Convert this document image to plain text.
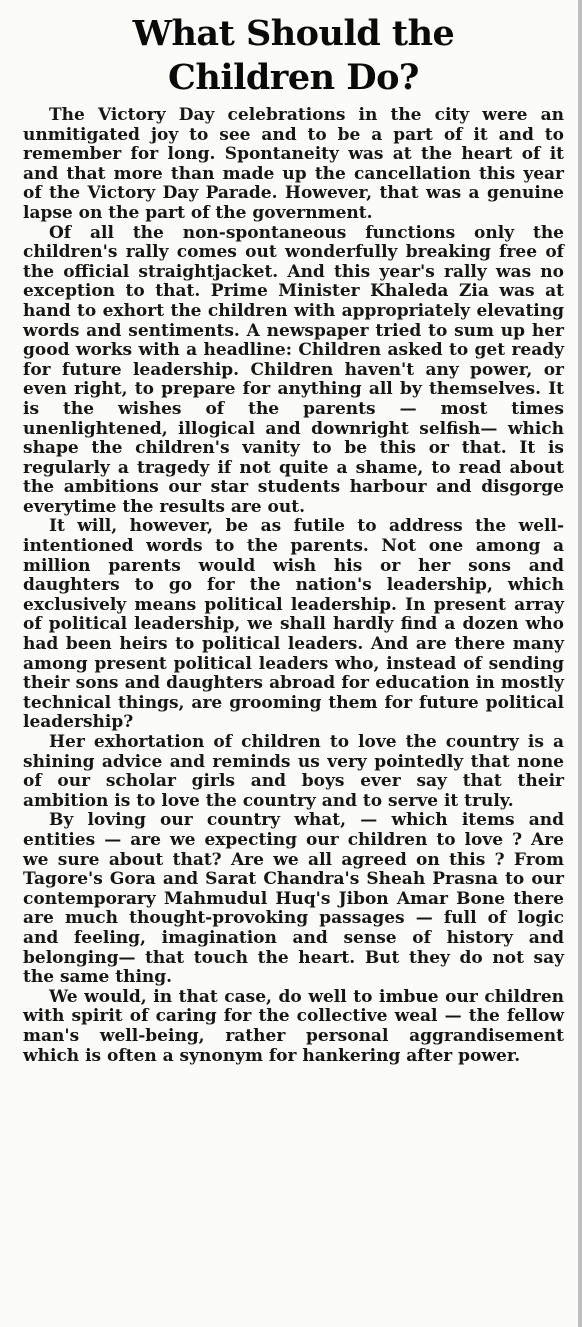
What Should the
Children Do?

The Victory Day celebrations in the city were an unmitigated joy to see and to be a part of it and to remember for long. Spontaneity was at the heart of it and that more than made up the cancellation this year of the Victory Day Parade. However, that was a genuine lapse on the part of the government.

Of all the non-spontaneous functions only the children's rally comes out wonderfully breaking free of the official straightjacket. And this year's rally was no exception to that. Prime Minister Khaleda Zia was at hand to exhort the children with appropriately elevating words and sentiments. A newspaper tried to sum up her good works with a headline: Children asked to get ready for future leadership. Children haven't any power, or even right, to prepare for anything all by themselves. It is the wishes of the parents — most times unenlightened, illogical and downright selfish— which shape the children's vanity to be this or that. It is regularly a tragedy if not quite a shame, to read about the ambitions our star students harbour and disgorge everytime the results are out.

It will, however, be as futile to address the well-intentioned words to the parents. Not one among a million parents would wish his or her sons and daughters to go for the nation's leadership, which exclusively means political leadership. In present array of political leadership, we shall hardly find a dozen who had been heirs to political leaders. And are there many among present political leaders who, instead of sending their sons and daughters abroad for education in mostly technical things, are grooming them for future political leadership?

Her exhortation of children to love the country is a shining advice and reminds us very pointedly that none of our scholar girls and boys ever say that their ambition is to love the country and to serve it truly.

By loving our country what, — which items and entities — are we expecting our children to love ? Are we sure about that? Are we all agreed on this ? From Tagore's Gora and Sarat Chandra's Sheah Prasna to our contemporary Mahmudul Huq's Jibon Amar Bone there are much thought-provoking passages — full of logic and feeling, imagination and sense of history and belonging— that touch the heart. But they do not say the same thing.

We would, in that case, do well to imbue our children with spirit of caring for the collective weal — the fellow man's well-being, rather personal aggrandisement which is often a synonym for hankering after power.
